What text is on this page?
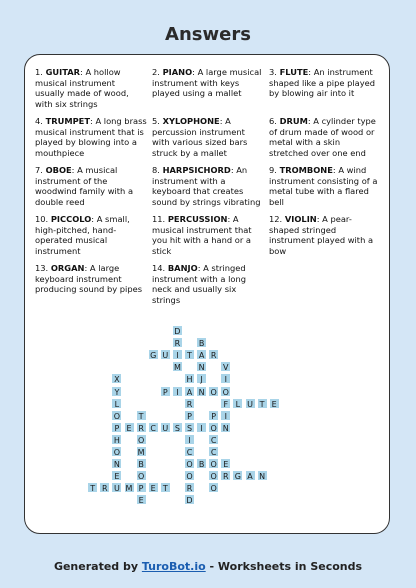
Answers
1. GUITAR: A hollow musical instrument usually made of wood, with six strings
2. PIANO: A large musical instrument with keys played using a mallet
3. FLUTE: An instrument shaped like a pipe played by blowing air into it
4. TRUMPET: A long brass musical instrument that is played by blowing into a mouthpiece
5. XYLOPHONE: A percussion instrument with various sized bars struck by a mallet
6. DRUM: A cylinder type of drum made of wood or metal with a skin stretched over one end
7. OBOE: A musical instrument of the woodwind family with a double reed
8. HARPSICHORD: An instrument with a keyboard that creates sound by strings vibrating
9. TROMBONE: A wind instrument consisting of a metal tube with a flared bell
10. PICCOLO: A small, high-pitched, hand-operated musical instrument
11. PERCUSSION: A musical instrument that you hit with a hand or a stick
12. VIOLIN: A pear-shaped stringed instrument played with a bow
13. ORGAN: A large keyboard instrument producing sound by pipes
14. BANJO: A stringed instrument with a long neck and usually six strings
D
R
I
M
B
A
N
J
N
G U	T	R
V
I
O
F
I
N
X
Y
L
O
P
H
O
N
E
H
A
R
P
S
I
C
O
O
R
D
P	I	O
L U T E
T
R
O
M
B
O
P
E
P
O
C
C
O
O
O
E	C U S	I
B	E
R G A N
T R U M	E T
Generated by TuroBot.io - Worksheets in Seconds
